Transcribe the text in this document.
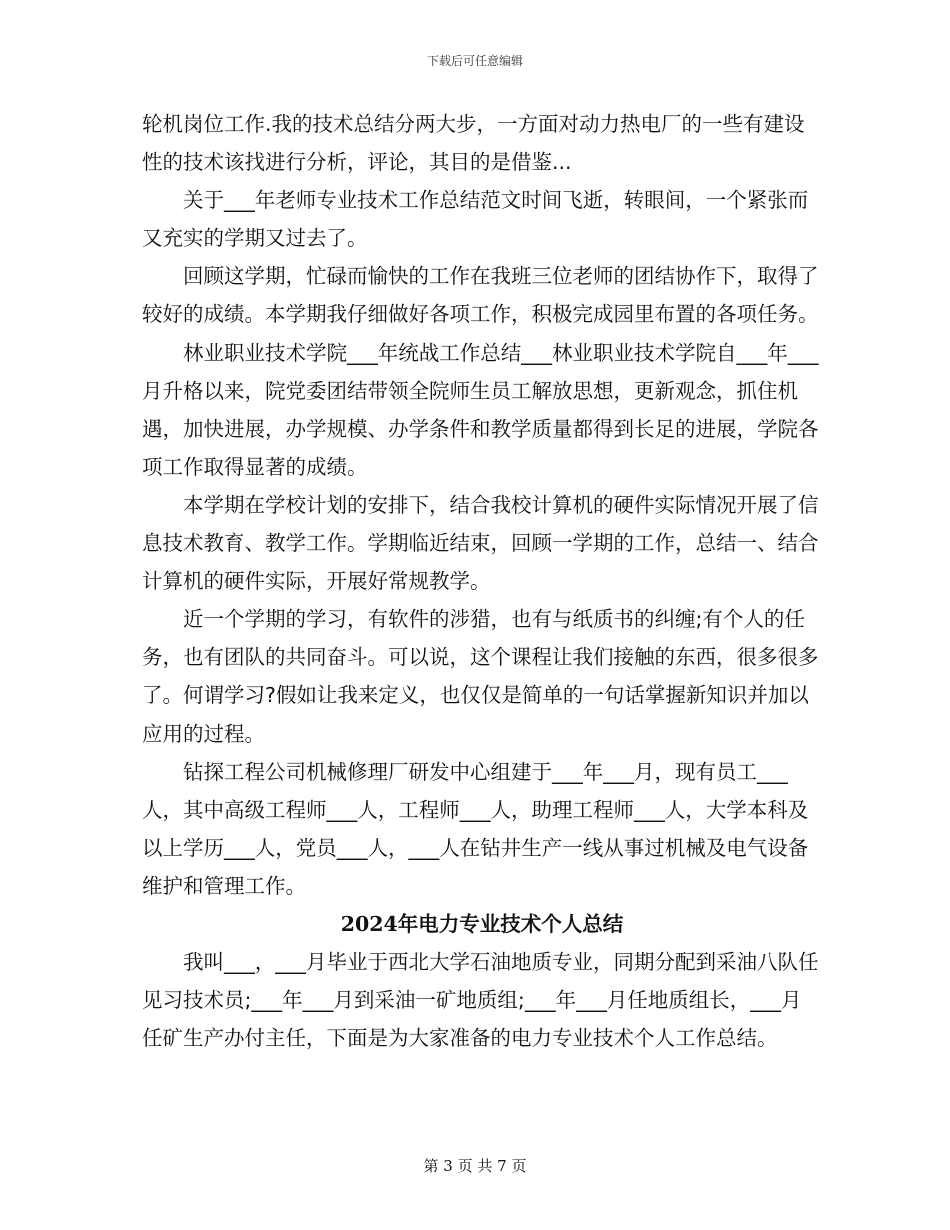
下载后可任意编辑

轮机岗位工作.我的技术总结分两大步，一方面对动力热电厂的一些有建设性的技术该找进行分析，评论，其目的是借鉴...

关于___年老师专业技术工作总结范文时间飞逝，转眼间，一个紧张而又充实的学期又过去了。

回顾这学期，忙碌而愉快的工作在我班三位老师的团结协作下，取得了较好的成绩。本学期我仔细做好各项工作，积极完成园里布置的各项任务。

林业职业技术学院___年统战工作总结___林业职业技术学院自___年___月升格以来，院党委团结带领全院师生员工解放思想，更新观念，抓住机遇，加快进展，办学规模、办学条件和教学质量都得到长足的进展，学院各项工作取得显著的成绩。

本学期在学校计划的安排下，结合我校计算机的硬件实际情况开展了信息技术教育、教学工作。学期临近结束，回顾一学期的工作，总结一、结合计算机的硬件实际，开展好常规教学。

近一个学期的学习，有软件的涉猎，也有与纸质书的纠缠;有个人的任务，也有团队的共同奋斗。可以说，这个课程让我们接触的东西，很多很多了。何谓学习?假如让我来定义，也仅仅是简单的一句话掌握新知识并加以应用的过程。

钻探工程公司机械修理厂研发中心组建于___年___月，现有员工___人，其中高级工程师___人，工程师___人，助理工程师___人，大学本科及以上学历___人，党员___人，___人在钻井生产一线从事过机械及电气设备维护和管理工作。

2024年电力专业技术个人总结

我叫___，___月毕业于西北大学石油地质专业，同期分配到采油八队任见习技术员;___年___月到采油一矿地质组;___年___月任地质组长，___月任矿生产办付主任，下面是为大家准备的电力专业技术个人工作总结。

第 3 页 共 7 页
